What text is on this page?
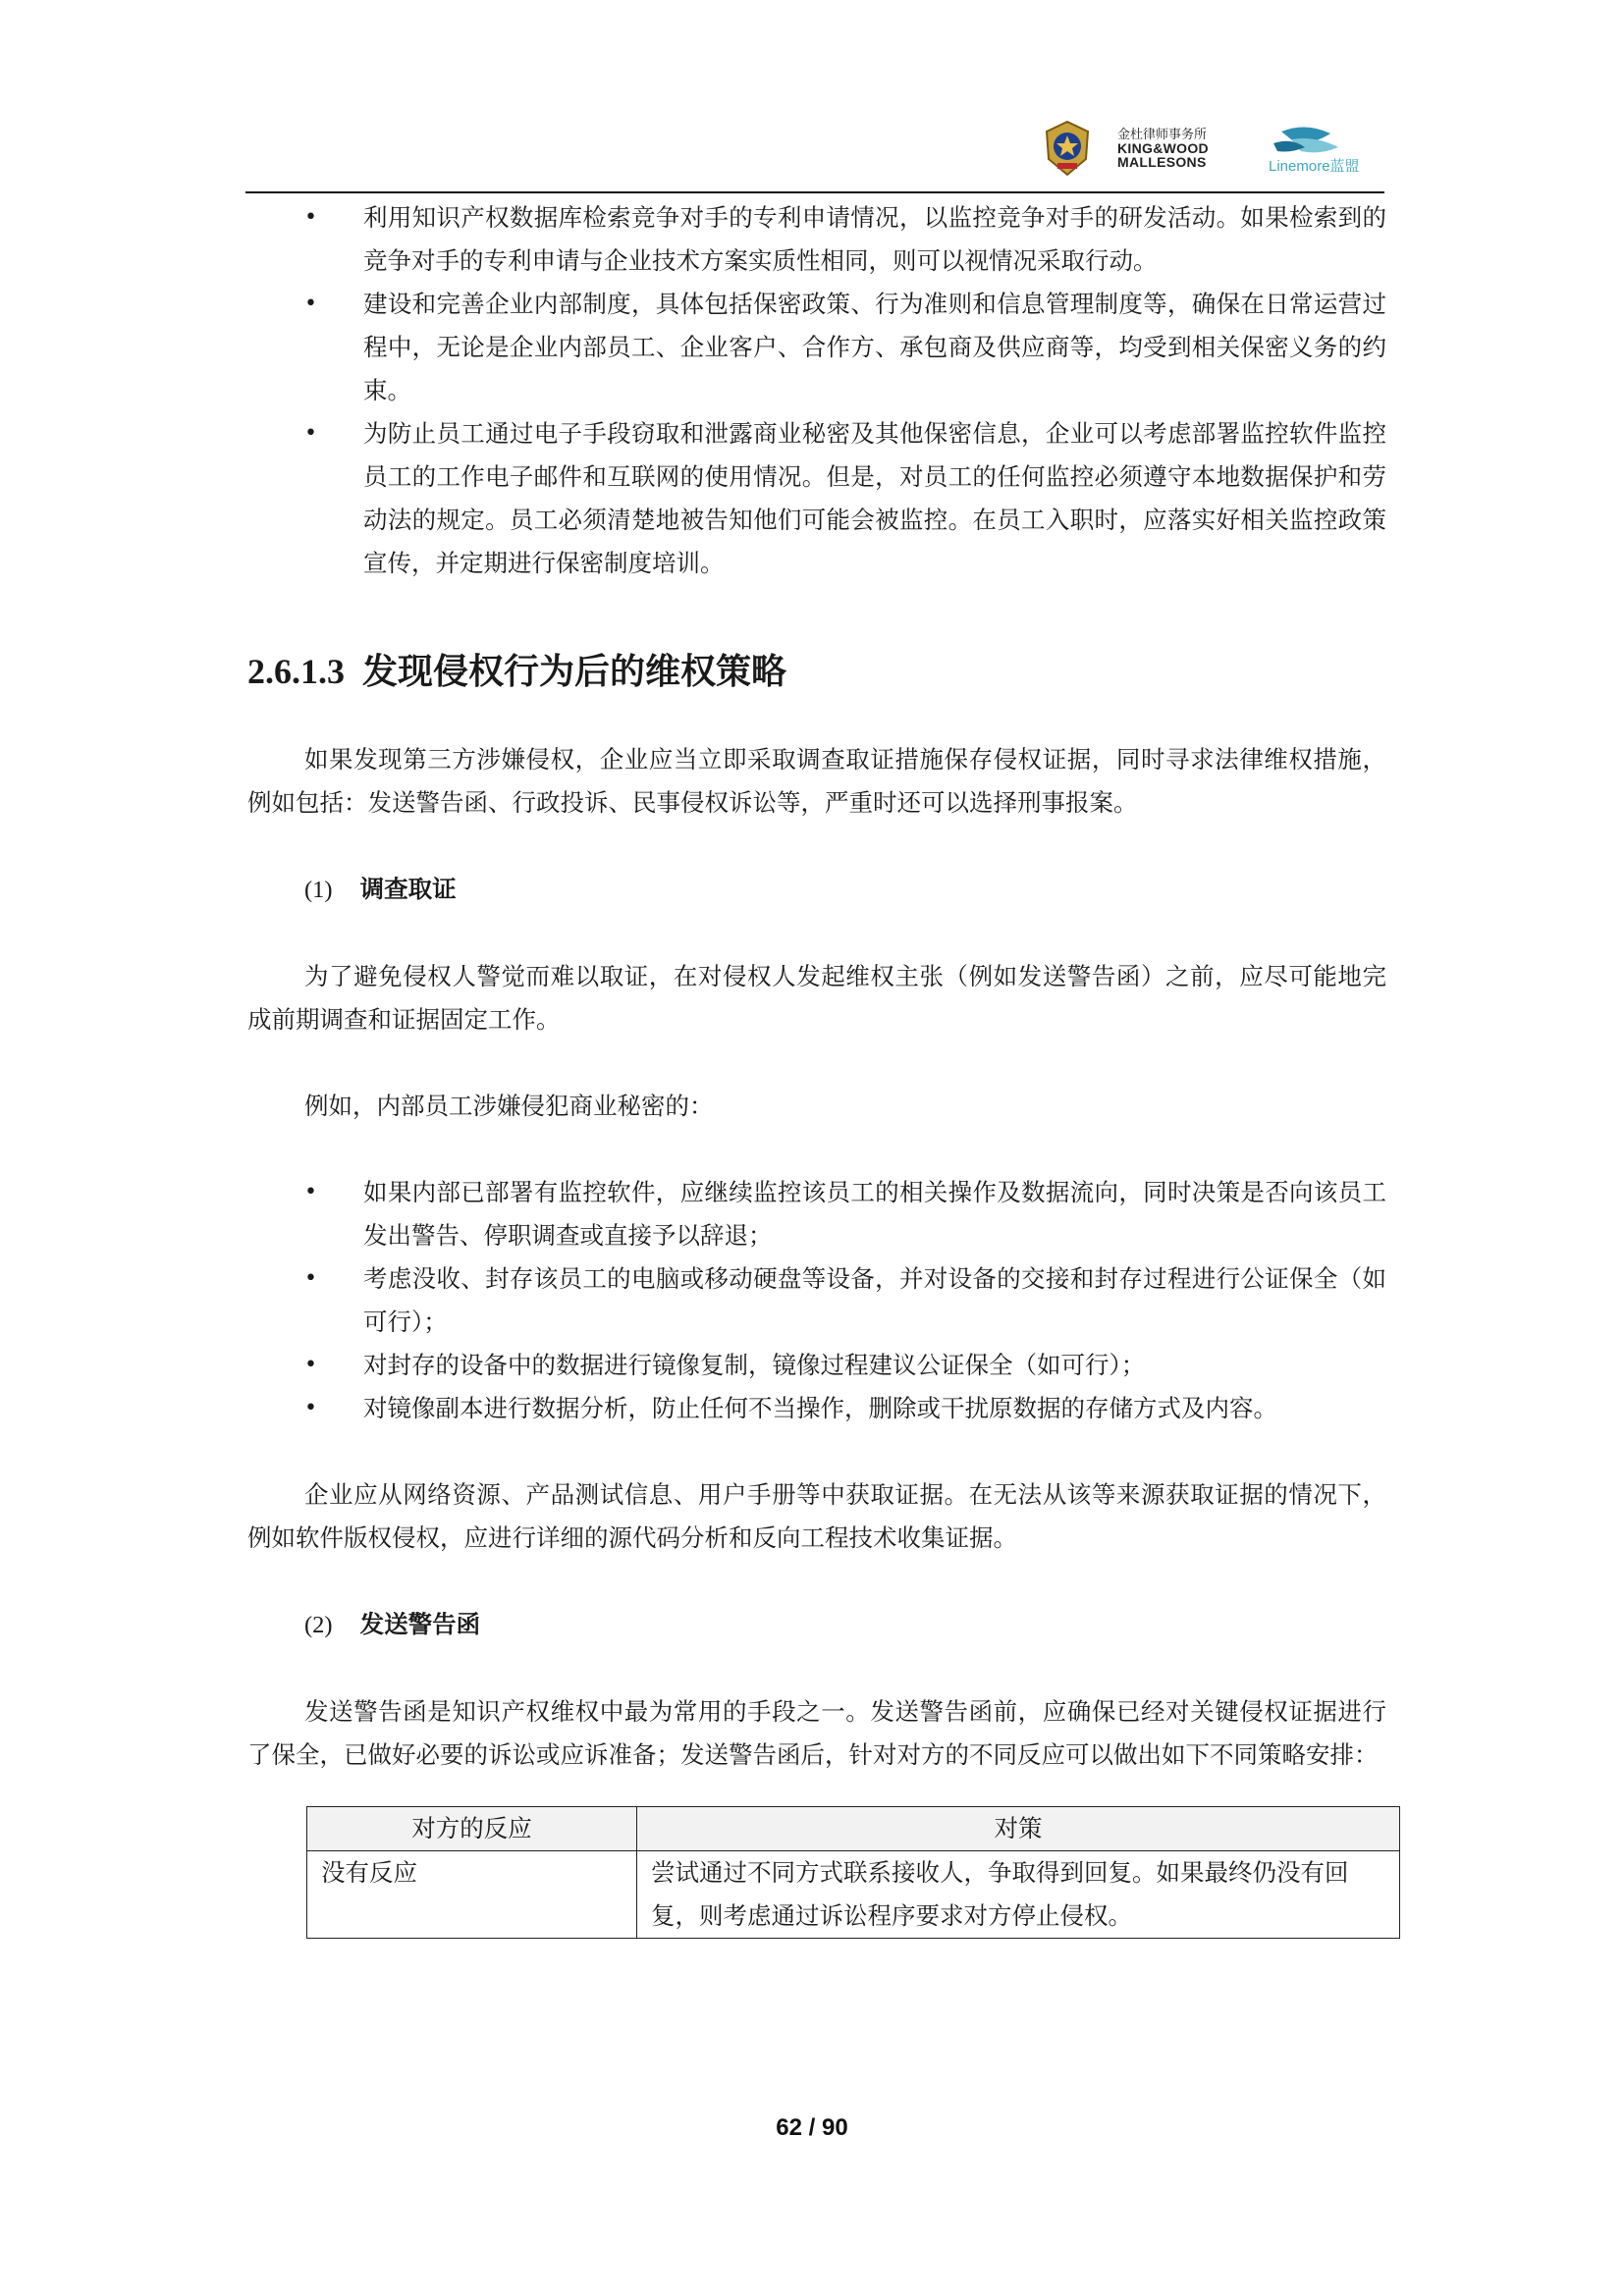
金杜律师事务所
KING&WOOD
MALLESONS	Linemore蓝盟
• 利用知识产权数据库检索竞争对手的专利申请情况，以监控竞争对手的研发活动。如果检索到的竞争对手的专利申请与企业技术方案实质性相同，则可以视情况采取行动。
• 建设和完善企业内部制度，具体包括保密政策、行为准则和信息管理制度等，确保在日常运营过程中，无论是企业内部员工、企业客户、合作方、承包商及供应商等，均受到相关保密义务的约束。
• 为防止员工通过电子手段窃取和泄露商业秘密及其他保密信息，企业可以考虑部署监控软件监控员工的工作电子邮件和互联网的使用情况。但是，对员工的任何监控必须遵守本地数据保护和劳动法的规定。员工必须清楚地被告知他们可能会被监控。在员工入职时，应落实好相关监控政策宣传，并定期进行保密制度培训。
2.6.1.3 发现侵权行为后的维权策略

如果发现第三方涉嫌侵权，企业应当立即采取调查取证措施保存侵权证据，同时寻求法律维权措施，例如包括：发送警告函、行政投诉、民事侵权诉讼等，严重时还可以选择刑事报案。

(1) 调查取证

为了避免侵权人警觉而难以取证，在对侵权人发起维权主张（例如发送警告函）之前，应尽可能地完成前期调查和证据固定工作。

例如，内部员工涉嫌侵犯商业秘密的：

• 如果内部已部署有监控软件，应继续监控该员工的相关操作及数据流向，同时决策是否向该员工发出警告、停职调查或直接予以辞退；
• 考虑没收、封存该员工的电脑或移动硬盘等设备，并对设备的交接和封存过程进行公证保全（如可行）；
• 对封存的设备中的数据进行镜像复制，镜像过程建议公证保全（如可行）；
• 对镜像副本进行数据分析，防止任何不当操作，删除或干扰原数据的存储方式及内容。

企业应从网络资源、产品测试信息、用户手册等中获取证据。在无法从该等来源获取证据的情况下，例如软件版权侵权，应进行详细的源代码分析和反向工程技术收集证据。

(2) 发送警告函

发送警告函是知识产权维权中最为常用的手段之一。发送警告函前，应确保已经对关键侵权证据进行了保全，已做好必要的诉讼或应诉准备；发送警告函后，针对对方的不同反应可以做出如下不同策略安排：

对方的反应	对策
没有反应	尝试通过不同方式联系接收人，争取得到回复。如果最终仍没有回复，则考虑通过诉讼程序要求对方停止侵权。
62 / 90
